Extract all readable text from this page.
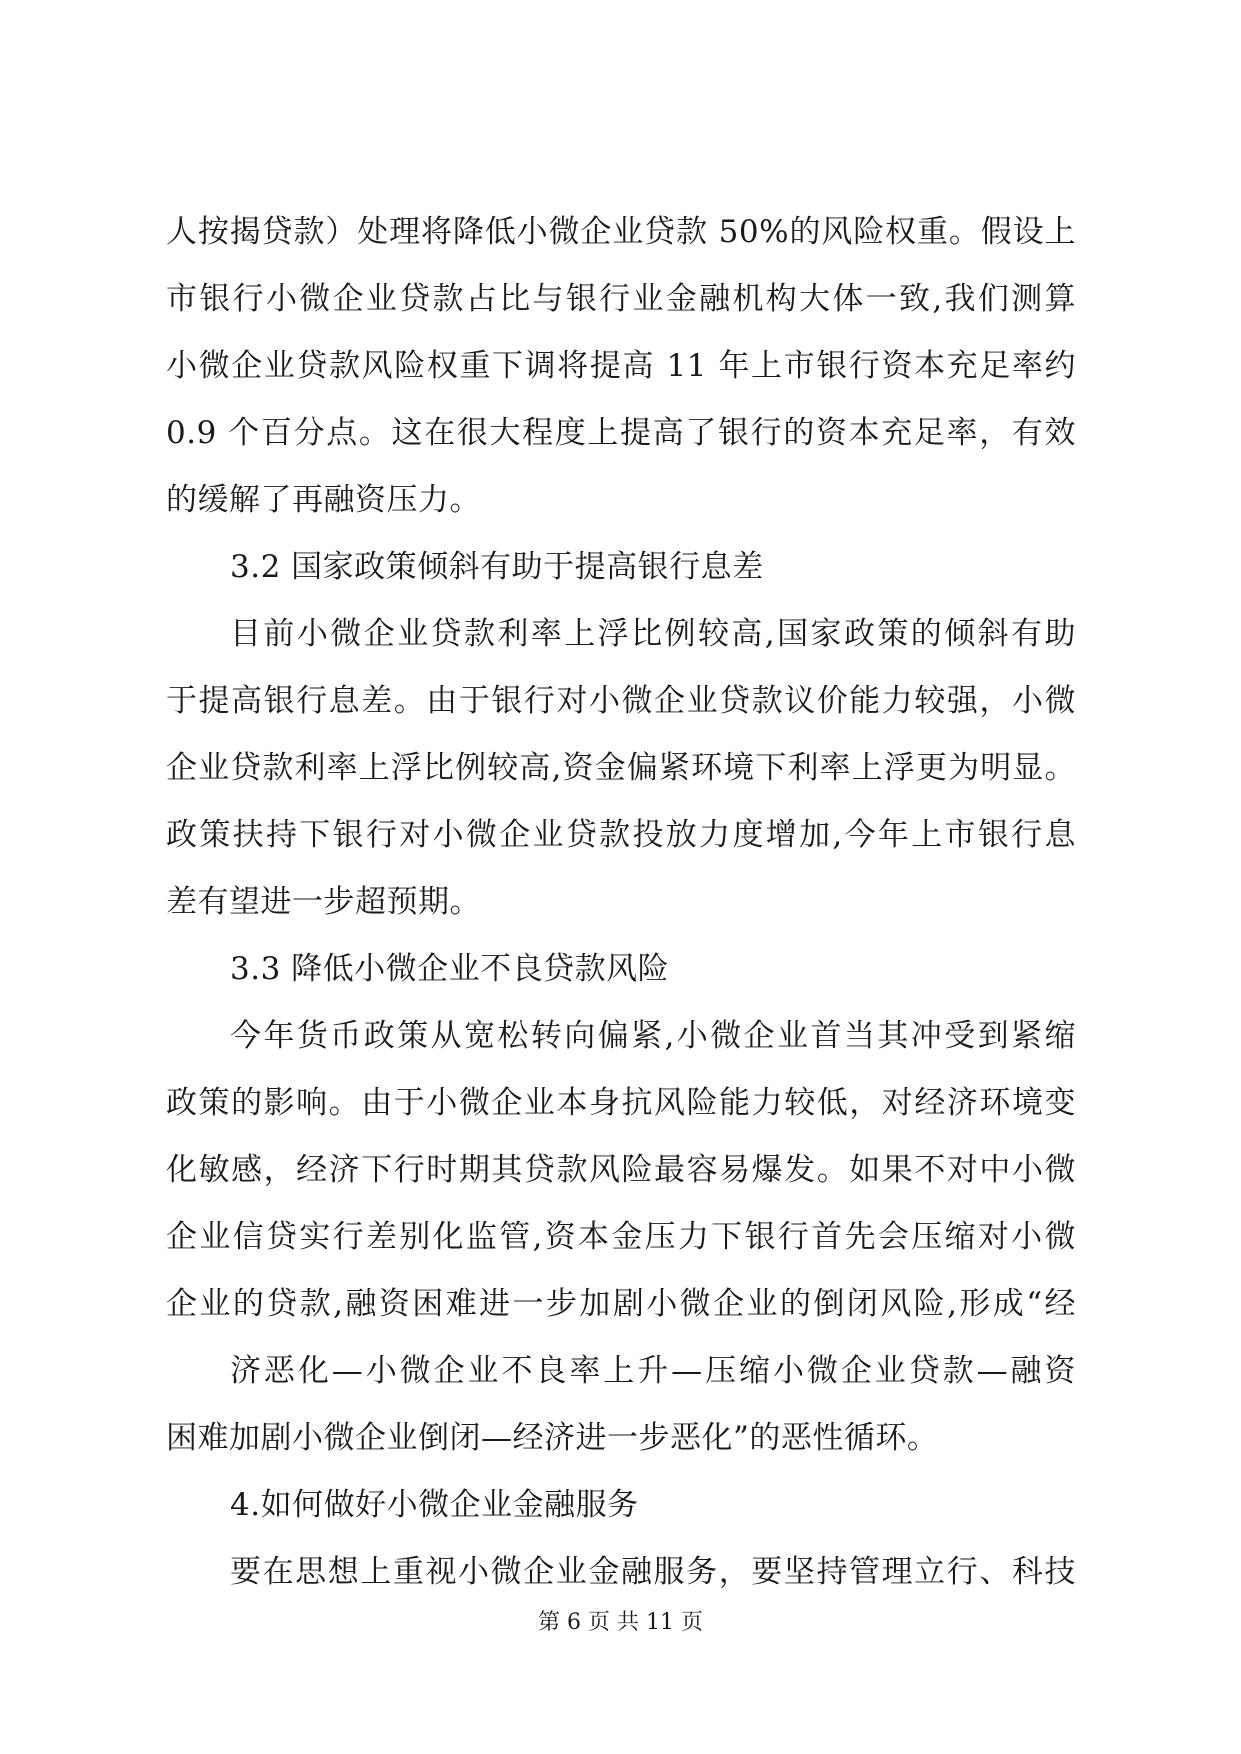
人按揭贷款）处理将降低小微企业贷款 50%的风险权重。假设上
市银行小微企业贷款占比与银行业金融机构大体一致,我们测算
小微企业贷款风险权重下调将提高 11 年上市银行资本充足率约
0.9 个百分点。这在很大程度上提高了银行的资本充足率，有效
的缓解了再融资压力。
3.2 国家政策倾斜有助于提高银行息差
目前小微企业贷款利率上浮比例较高,国家政策的倾斜有助
于提高银行息差。由于银行对小微企业贷款议价能力较强，小微
企业贷款利率上浮比例较高,资金偏紧环境下利率上浮更为明显。
政策扶持下银行对小微企业贷款投放力度增加,今年上市银行息
差有望进一步超预期。
3.3 降低小微企业不良贷款风险
今年货币政策从宽松转向偏紧,小微企业首当其冲受到紧缩
政策的影响。由于小微企业本身抗风险能力较低，对经济环境变
化敏感，经济下行时期其贷款风险最容易爆发。如果不对中小微
企业信贷实行差别化监管,资本金压力下银行首先会压缩对小微
企业的贷款,融资困难进一步加剧小微企业的倒闭风险,形成“经
济恶化—小微企业不良率上升—压缩小微企业贷款—融资
困难加剧小微企业倒闭—经济进一步恶化”的恶性循环。
4.如何做好小微企业金融服务
要在思想上重视小微企业金融服务，要坚持管理立行、科技
第 6 页 共 11 页
